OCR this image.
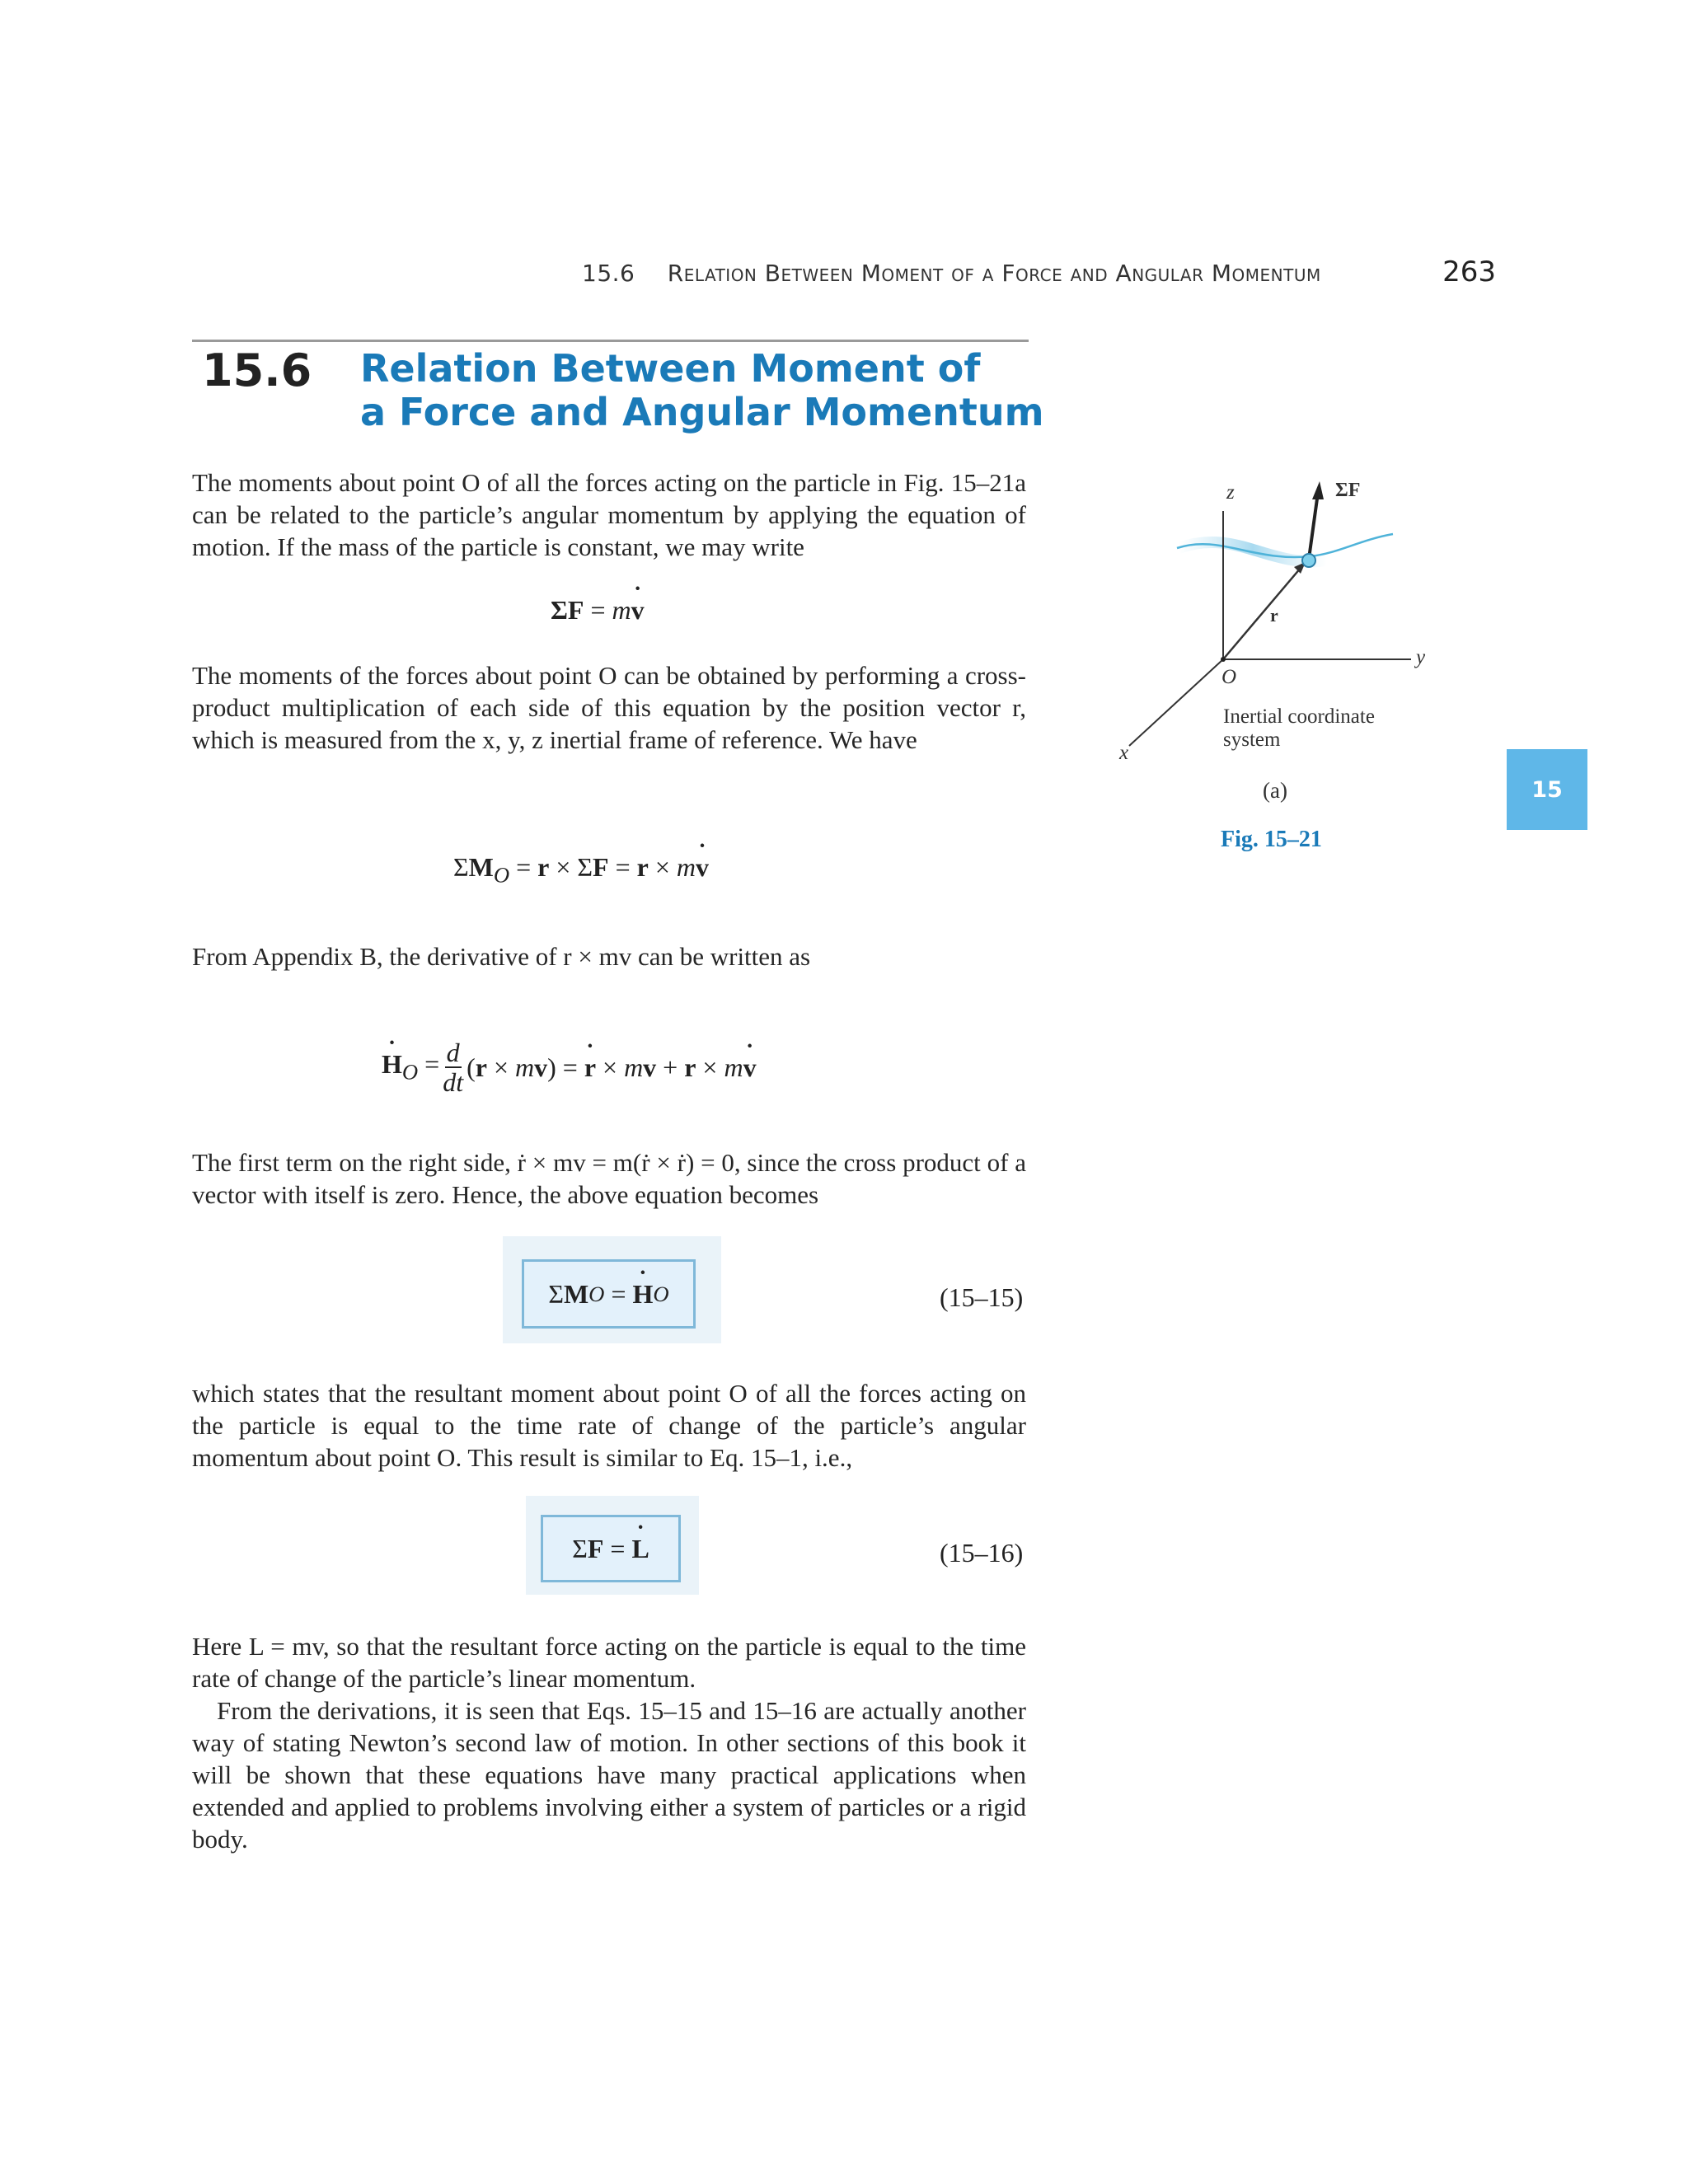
15.6 Relation Between Moment of a Force and Angular Momentum	263
15.6 Relation Between Moment of
a Force and Angular Momentum
The moments about point O of all the forces acting on the particle in Fig. 15–21a can be related to the particle’s angular momentum by applying the equation of motion. If the mass of the particle is constant, we may write
ΣF = mv ˙
The moments of the forces about point O can be obtained by performing a cross-product multiplication of each side of this equation by the position vector r, which is measured from the x, y, z inertial frame of reference. We have
$\Sigma M_O = r \times \Sigma F = r$ × mv ˙
From Appendix B, the derivative of r × mv can be written as
H $˙_O = \frac{d}{dt} (r \times mv) = r$ ˙ × mv + r × mv ˙
The first term on the right side, ṙ × mv = m(ṙ × ṙ) = 0, since the cross product of a vector with itself is zero. Hence, the above equation becomes
Σ M O = H ˙ O	(15–15)
which states that the resultant moment about point O of all the forces acting on the particle is equal to the time rate of change of the particle’s angular momentum about point O. This result is similar to Eq. 15–1, i.e.,
Σ F = L ˙	(15–16)
Here L = mv, so that the resultant force acting on the particle is equal to the time rate of change of the particle’s linear momentum.
From the derivations, it is seen that Eqs. 15–15 and 15–16 are actually another way of stating Newton’s second law of motion. In other sections of this book it will be shown that these equations have many practical applications when extended and applied to problems involving either a system of particles or a rigid body.
15
z	ΣF
r
y
O
x
Inertial coordinate
system
(a)
Fig. 15–21
